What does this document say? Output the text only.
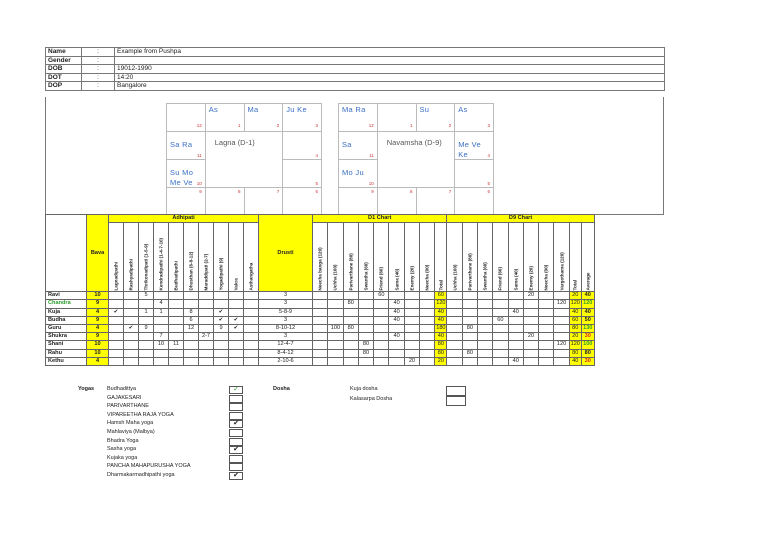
Name	:	Example from Pushpa
Gender	:	
DOB	:	19012-1990
DOT	:	14:20
DOP	:	Bangalore
12	1
As
2
Ma
3
Ju Ke
11
Sa Ra
4
10
Su Mo Me Ve	5
9	8	7	6
Lagna (D-1)
12
Ma Ra
1	2
Su
3
As
11
Sa
4
Me Ve Ke
10
Mo Ju
5
9	8	7	6
Navamsha (D-9)
	Bava	Adhipati										Drusti	D1 Chart									D9 Chart									
		Lagnadipathi	Rashyadipathi	Thrikonadipati (1-5-9)	Kendradipathi (1-4-7-10)	Budhadipathi	Dhusthan (6-8-12)	Maraddipati (2-7)	Yogadipathi (9)	Vakra	Asthangatha		Neecha banga (120)	Uchha (100)	Parivarthane (80)	Swantha (60)	Friend (60)	Sama (40)	Enemy (20)	Neecha (00)	Total	Uchha (100)	Parivarthane (80)	Swantha (60)	Friend (60)	Sama (40)	Enemy (20)	Neecha (00)	Vargothama (120)	Total	Average
Ravi	10			5								3					60				60						20			20	40
Chandra	9				4							3			80			40			120								120	120	120
Kuja	4	✔		1	1		8		✔			5-8-9						40			40					40				40	40
Budha	9						6		✔	✔		3						40			40				60					60	50
Guru	4		✔	9			12		9	✔		8-10-12		100	80						180		80							80	130
Shukra	9				7			2-7				3						40			40						20			20	30
Shani	10				10	11						12-4-7				80					80								120	120	100
Rahu	10											8-4-12				80					80		80							80	80
Kethu	4											2-10-6							20		20					40				40	30
Yogas Budhadittya	✓
GAJAKESARI
PARIVARTHANE
VIPAREETHA RAJA YOGA
Hamsh Maha yoga	✔
Mahlaviya (Malbya)
Bhadra Yoga
Sasha yoga	✔
Kujaka yoga
PANCHA MAHAPURUSHA YOGA
Dharmakarmadhipathi yoga	✔
Dosha	Kuja dosha
Kalasarpa Dosha
